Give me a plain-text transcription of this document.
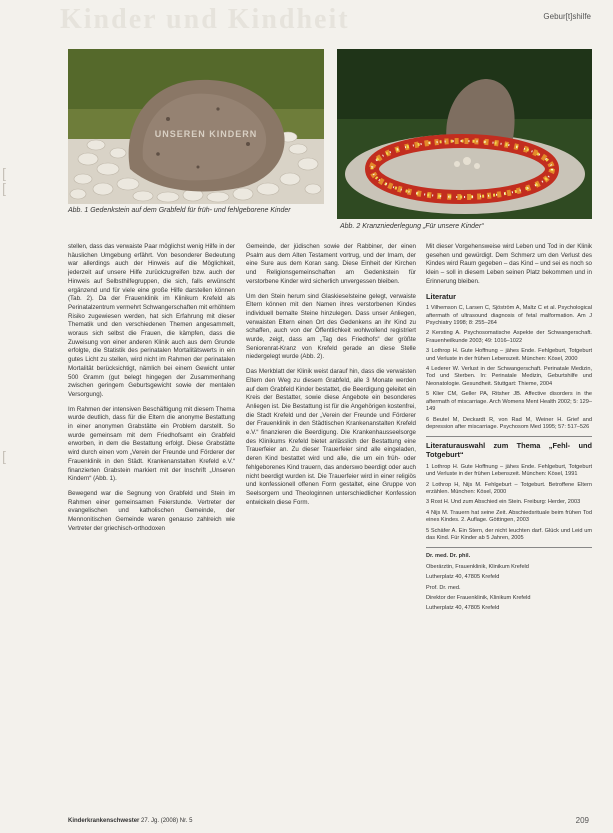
Kinder und Kindheit	Gebur[t]shilfe
[
[
[
UNSEREN KINDERN
Abb. 1 Gedenkstein auf dem Grabfeld für früh- und fehlgeborene Kinder
Abb. 2 Kranzniederlegung „Für unsere Kinder“

stellen, dass das verwaiste Paar möglichst wenig Hilfe in der häuslichen Umgebung erfährt. Von besonderer Bedeutung war allerdings auch der Hinweis auf die Möglichkeit, jederzeit auf unsere Hilfe zurückzugreifen bzw. auch der Hinweis auf Selbsthilfegruppen, die sich, falls erwünscht ergänzend und für viele eine große Hilfe darstellen können (Tab. 2). Da der Frauenklinik im Klinikum Krefeld als Perinatalzentrum vermehrt Schwangerschaften mit erhöhtem Risiko zugewiesen werden, hat sich Erfahrung mit dieser Thematik und den verschiedenen Themen angesammelt, woraus sich selbst die Frauen, die kämpfen, dass die Zuweisung von einer anderen Klinik auch aus dem Grunde erfolgte, die Statistik des perinatalen Mortalitätswerts in ein gutes Licht zu stellen, wird nicht im Rahmen der perinatalen Mortalität berücksichtigt, nämlich bei einem Gewicht unter 500 Gramm (gut belegt hingegen der Zusammenhang zwischen geringem Geburtsgewicht sowie der mentalen Versorgung).

Im Rahmen der intensiven Beschäftigung mit diesem Thema wurde deutlich, dass für die Eltern die anonyme Bestattung in einer anonymen Grabstätte ein Problem darstellt. So wurde gemeinsam mit dem Friedhofsamt ein Grabfeld erworben, in dem die Bestattung erfolgt. Diese Grabstätte wird durch einen vom „Verein der Freunde und Förderer der Frauenklinik in den Städt. Krankenanstalten Krefeld e.V.“ finanzierten Grabstein markiert mit der Inschrift „Unseren Kindern“ (Abb. 1).

Bewegend war die Segnung von Grabfeld und Stein im Rahmen einer gemeinsamen Feierstunde. Vertreter der evangelischen und katholischen Gemeinde, der Mennonitischen Gemeinde waren genauso zahlreich wie Vertreter der griechisch-orthodoxen

Gemeinde, der jüdischen sowie der Rabbiner, der einen Psalm aus dem Alten Testament vortrug, und der Imam, der eine Sure aus dem Koran sang. Diese Einheit der Kirchen und Religionsgemeinschaften am Gedenkstein für verstorbene Kinder wird sicherlich unvergessen bleiben.

Um den Stein herum sind Glaskieselsteine gelegt, verwaiste Eltern können mit den Namen ihres verstorbenen Kindes individuell bemalte Steine hinzulegen. Dass unser Anliegen, verwaisten Eltern einen Ort des Gedenkens an ihr Kind zu schaffen, auch von der Öffentlichkeit wohlwollend registriert wurde, zeigt, dass am „Tag des Friedhofs“ der größte Seniorenrat-Kranz von Krefeld gerade an diese Stelle niedergelegt wurde (Abb. 2).

Das Merkblatt der Klinik weist darauf hin, dass die verwaisten Eltern den Weg zu diesem Grabfeld, alle 3 Monate werden auf dem Grabfeld Kinder bestattet, die Beerdigung geleitet ein Kreis der Bestatter, sowie diese Angebote ein besonderes Anliegen ist. Die Bestattung ist für die Angehörigen kostenfrei, die Stadt Krefeld und der „Verein der Freunde und Förderer der Frauenklinik in den Städtischen Krankenanstalten Krefeld e.V.“ finanzieren die Beerdigung. Die Krankenhausseelsorge des Klinikums Krefeld bietet anlässlich der Bestattung eine Trauerfeier an. Zu dieser Trauerfeier sind alle eingeladen, deren Kind bestattet wird und alle, die um ein früh- oder fehlgeborenes Kind trauern, das anderswo beerdigt oder auch nicht beerdigt wurden ist. Die Trauerfeier wird in einer religiös und konfessionell offenen Form gestaltet, eine Gruppe von Seelsorgern und Theologinnen unterschiedlicher Konfession entwickeln diese Form.

Mit dieser Vorgehensweise wird Leben und Tod in der Klinik gesehen und gewürdigt. Dem Schmerz um den Verlust des Kindes wird Raum gegeben – das Kind – und sei es noch so klein – soll in diesem Leben seinen Platz bekommen und in Erinnerung bleiben.

Literatur
1 Vilhemson C, Larsen C, Sjöström A, Maltz C et al. Psychological aftermath of ultrasound diagnosis of fetal malformation. Am J Psychiatry 1998; 8: 255–264
2 Kersting A. Psychosomatische Aspekte der Schwangerschaft. Frauenheilkunde 2003; 49: 1016–1022
3 Lothrop H. Gute Hoffnung – jähes Ende. Fehlgeburt, Totgeburt und Verluste in der frühen Lebenszeit. München: Kösel, 2000
4 Lederer W. Verlust in der Schwangerschaft. Perinatale Medizin, Tod und Sterben. In: Perinatale Medizin, Geburtshilfe und Neonatologie. Gesundheit. Stuttgart: Thieme, 2004
5 Klier CM, Geller PA, Ritsher JB. Affective disorders in the aftermath of miscarriage. Arch Womens Ment Health 2002; 5: 129–149
6 Beutel M, Deckardt R, von Rad M, Weiner H. Grief and depression after miscarriage. Psychosom Med 1995; 57: 517–526
Literaturauswahl zum Thema „Fehl- und Totgeburt“
1 Lothrop H. Gute Hoffnung – jähes Ende. Fehlgeburt, Totgeburt und Verluste in der frühen Lebenszeit. München: Kösel, 1991
2 Lothrop H, Nijs M. Fehlgeburt – Totgeburt. Betroffene Eltern erzählen. München: Kösel, 2000
3 Rost H. Und zum Abschied ein Stein. Freiburg: Herder, 2003
4 Nijs M. Trauern hat seine Zeit. Abschiedsrituale beim frühen Tod eines Kindes. 2. Auflage. Göttingen, 2003
5 Schäfer A. Ein Stern, der nicht leuchten darf. Glück und Leid um das Kind. Für Kinder ab 5 Jahren, 2005
Dr. med. Dr. phil.
Oberärztin, Frauenklinik, Klinikum Krefeld
Lutherplatz 40, 47805 Krefeld
Prof. Dr. med.
Direktor der Frauenklinik, Klinikum Krefeld
Lutherplatz 40, 47805 Krefeld
Kinderkrankenschwester 27. Jg. (2008) Nr. 5	209
